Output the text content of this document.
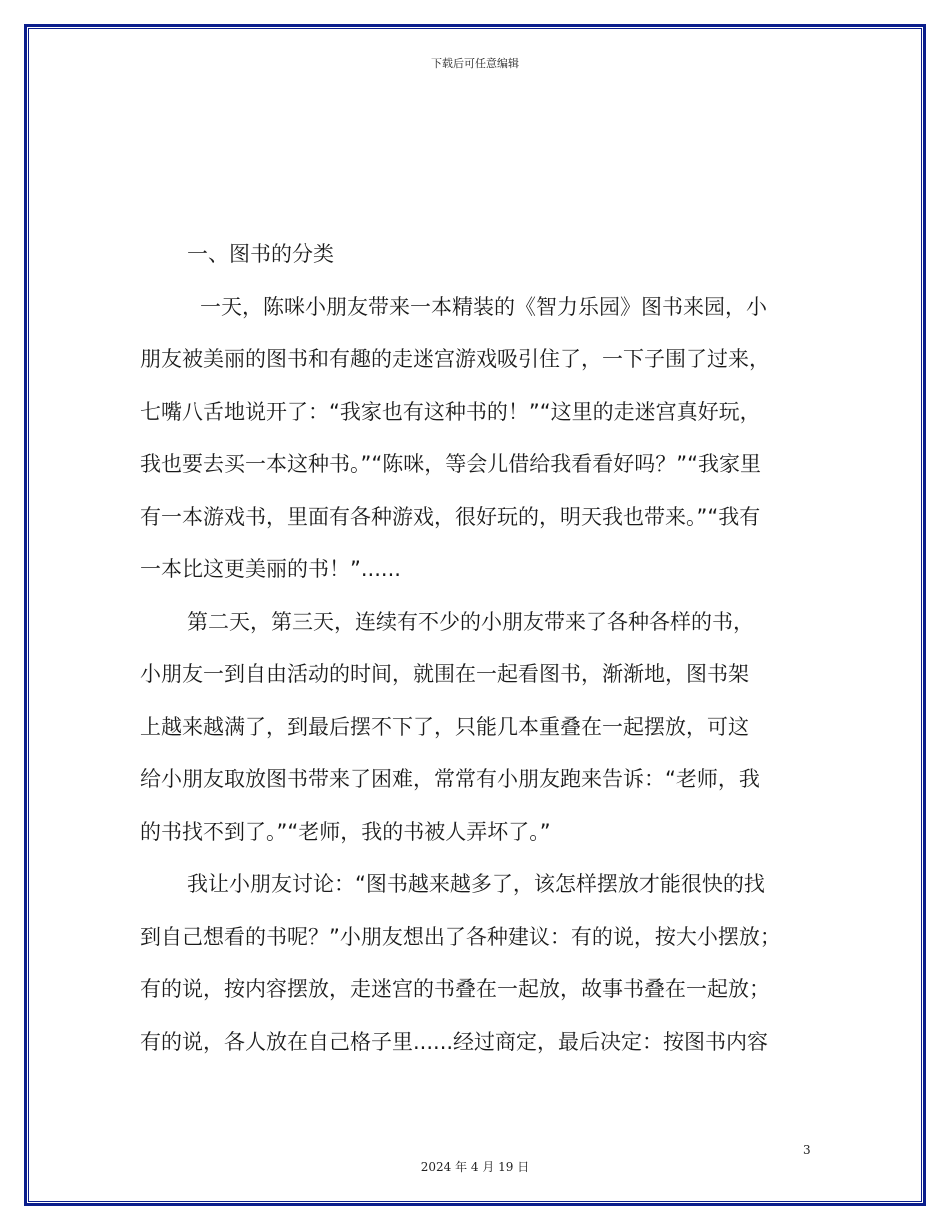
下载后可任意编辑

一、图书的分类

一天，陈咪小朋友带来一本精装的《智力乐园》图书来园，小

朋友被美丽的图书和有趣的走迷宫游戏吸引住了，一下子围了过来，

七嘴八舌地说开了：“我家也有这种书的！”“这里的走迷宫真好玩，

我也要去买一本这种书。”“陈咪，等会儿借给我看看好吗？”“我家里

有一本游戏书，里面有各种游戏，很好玩的，明天我也带来。”“我有

一本比这更美丽的书！”......

第二天，第三天，连续有不少的小朋友带来了各种各样的书，

小朋友一到自由活动的时间，就围在一起看图书，渐渐地，图书架

上越来越满了，到最后摆不下了，只能几本重叠在一起摆放，可这

给小朋友取放图书带来了困难，常常有小朋友跑来告诉：“老师，我

的书找不到了。”“老师，我的书被人弄坏了。”

我让小朋友讨论：“图书越来越多了，该怎样摆放才能很快的找

到自己想看的书呢？”小朋友想出了各种建议：有的说，按大小摆放；

有的说，按内容摆放，走迷宫的书叠在一起放，故事书叠在一起放；

有的说，各人放在自己格子里......经过商定，最后决定：按图书内容

3
2024 年 4 月 19 日
